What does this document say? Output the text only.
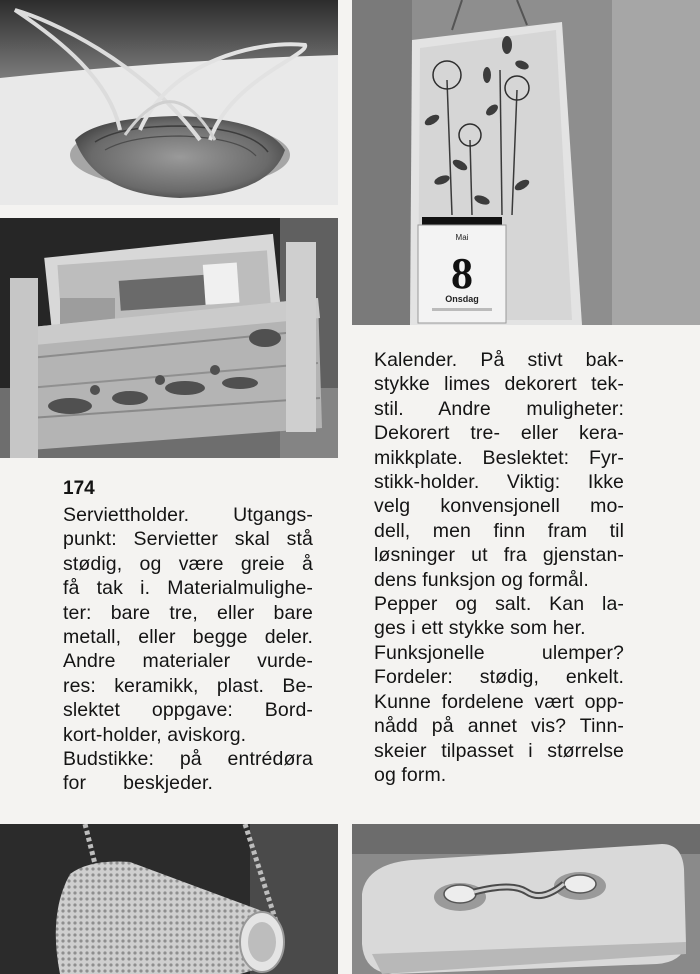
Mai
8
Onsdag
174
Serviettholder. Utgangs-
punkt: Servietter skal stå
stødig, og være greie å
få tak i. Materialmulighe-
ter: bare tre, eller bare
metall, eller begge deler.
Andre materialer vurde-
res: keramikk, plast. Be-
slektet oppgave: Bord-
kort-holder, aviskorg.
Budstikke: på entrédøra
for beskjeder.
Kalender. På stivt bak-
stykke limes dekorert tek-
stil. Andre muligheter:
Dekorert tre- eller kera-
mikkplate. Beslektet: Fyr-
stikk-holder. Viktig: Ikke
velg konvensjonell mo-
dell, men finn fram til
løsninger ut fra gjenstan-
dens funksjon og formål.
Pepper og salt. Kan la-
ges i ett stykke som her.
Funksjonelle ulemper?
Fordeler: stødig, enkelt.
Kunne fordelene vært opp-
nådd på annet vis? Tinn-
skeier tilpasset i størrelse
og form.
